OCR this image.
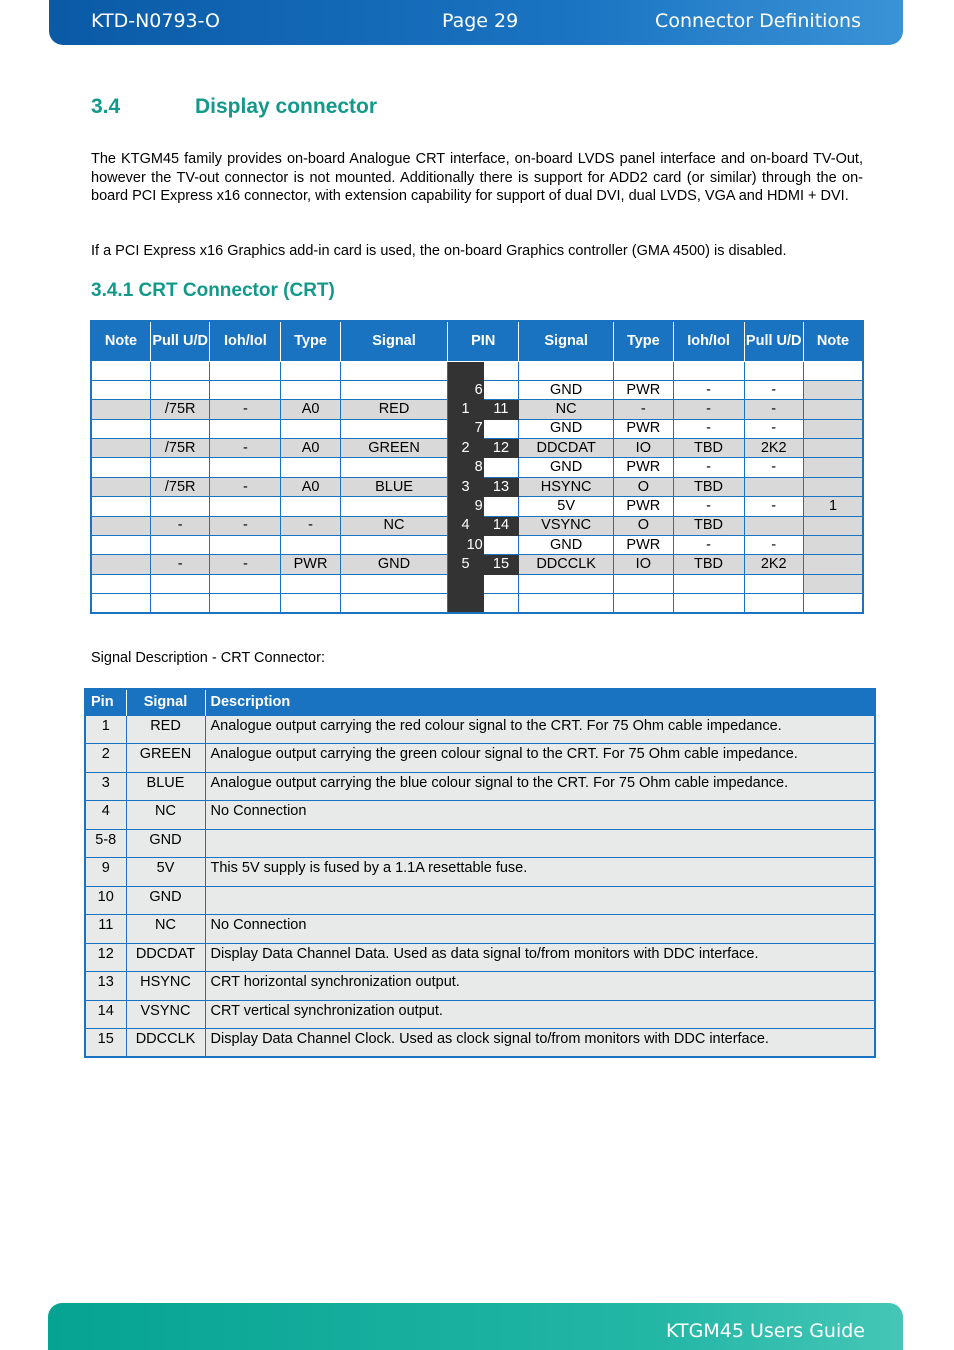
KTD-N0793-O	Page 29	Connector Definitions
3.4	Display connector

The KTGM45 family provides on-board Analogue CRT interface, on-board LVDS panel interface and on-board TV-Out, however the TV-out connector is not mounted. Additionally there is support for ADD2 card (or similar) through the on-board PCI Express x16 connector, with extension capability for support of dual DVI, dual LVDS, VGA and HDMI + DVI.

If a PCI Express x16 Graphics add-in card is used, the on-board Graphics controller (GMA 4500) is disabled.

3.4.1 CRT Connector (CRT)
Note	Pull U/D	Ioh/Iol	Type	Signal	PIN		Signal	Type	Ioh/Iol	Pull U/D	Note

					6		GND	PWR	-	-	
	/75R	-	A0	RED	1	11	NC	-	-	-	
					7		GND	PWR	-	-	
	/75R	-	A0	GREEN	2	12	DDCDAT	IO	TBD	2K2	
					8		GND	PWR	-	-	
	/75R	-	A0	BLUE	3	13	HSYNC	O	TBD		
					9		5V	PWR	-	-	1
	-	-	-	NC	4	14	VSYNC	O	TBD		
					10		GND	PWR	-	-	
	-	-	PWR	GND	5	15	DDCCLK	IO	TBD	2K2	

Signal Description - CRT Connector:

Pin	Signal	Description
1	RED	Analogue output carrying the red colour signal to the CRT. For 75 Ohm cable impedance.
2	GREEN	Analogue output carrying the green colour signal to the CRT. For 75 Ohm cable impedance.
3	BLUE	Analogue output carrying the blue colour signal to the CRT. For 75 Ohm cable impedance.
4	NC	No Connection
5-8	GND	
9	5V	This 5V supply is fused by a 1.1A resettable fuse.
10	GND	
11	NC	No Connection
12	DDCDAT	Display Data Channel Data. Used as data signal to/from monitors with DDC interface.
13	HSYNC	CRT horizontal synchronization output.
14	VSYNC	CRT vertical synchronization output.
15	DDCCLK	Display Data Channel Clock. Used as clock signal to/from monitors with DDC interface.
KTGM45 Users Guide
